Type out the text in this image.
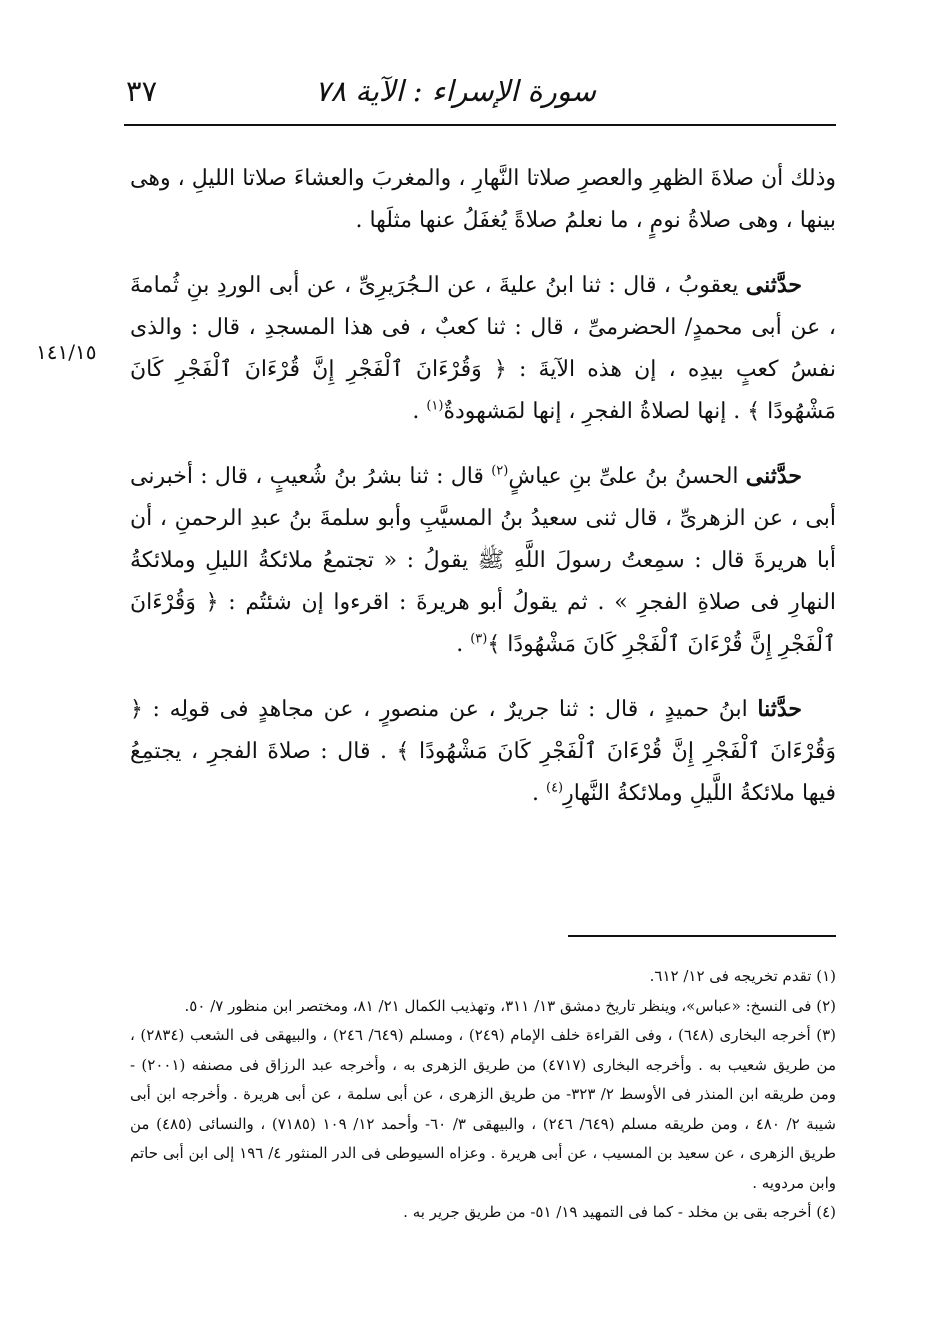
سورة الإسراء : الآية ٧٨
٣٧
١٤١/١٥

وذلك أن صلاةَ الظهرِ والعصرِ صلاتا النَّهارِ ، والمغربَ والعشاءَ صلاتا الليلِ ، وهى بينها ، وهى صلاةُ نومٍ ، ما نعلمُ صلاةً يُغفَلُ عنها مثلَها .

حدَّثنى يعقوبُ ، قال : ثنا ابنُ عليةَ ، عن الـجُرَيرِىِّ ، عن أبى الوردِ بنِ ثُمامةَ ، عن أبى محمدٍ/ الحضرمىِّ ، قال : ثنا كعبٌ ، فى هذا المسجدِ ، قال : والذى نفسُ كعبٍ بيدِه ، إن هذه الآيةَ : ﴿ وَقُرْءَانَ ٱلْفَجْرِ إِنَّ قُرْءَانَ ٱلْفَجْرِ كَانَ مَشْهُودًا ﴾ . إنها لصلاةُ الفجرِ ، إنها لمَشهودةٌ$^{(١)}$ .

حدَّثنى الحسنُ بنُ علىِّ بنِ عياشٍ$^{(٢)}$ قال : ثنا بشرُ بنُ شُعيبٍ ، قال : أخبرنى أبى ، عن الزهرىِّ ، قال ثنى سعيدُ بنُ المسيَّبِ وأبو سلمةَ بنُ عبدِ الرحمنِ ، أن أبا هريرةَ قال : سمِعتُ رسولَ اللَّهِ ﷺ يقولُ : « تجتمعُ ملائكةُ الليلِ وملائكةُ النهارِ فى صلاةِ الفجرِ » . ثم يقولُ أبو هريرةَ : اقرءوا إن شئتُم : ﴿ وَقُرْءَانَ ٱلْفَجْرِ إِنَّ قُرْءَانَ ٱلْفَجْرِ كَانَ مَشْهُودًا ﴾$^{(٣)}$ .

حدَّثنا ابنُ حميدٍ ، قال : ثنا جريرٌ ، عن منصورٍ ، عن مجاهدٍ فى قولِه : ﴿ وَقُرْءَانَ ٱلْفَجْرِ إِنَّ قُرْءَانَ ٱلْفَجْرِ كَانَ مَشْهُودًا ﴾ . قال : صلاةَ الفجرِ ، يجتمِعُ فيها ملائكةُ اللَّيلِ وملائكةُ النَّهارِ$^{(٤)}$ .

(١) تقدم تخريجه فى ١٢/ ٦١٢.

(٢) فى النسخ: «عباس»، وينظر تاريخ دمشق ١٣/ ٣١١، وتهذيب الكمال ٢١/ ٨١، ومختصر ابن منظور ٧/ ٥٠.

(٣) أخرجه البخارى (٦٤٨) ، وفى القراءة خلف الإمام (٢٤٩) ، ومسلم (٦٤٩/ ٢٤٦) ، والبيهقى فى الشعب (٢٨٣٤) ، من طريق شعيب به . وأخرجه البخارى (٤٧١٧) من طريق الزهرى به ، وأخرجه عبد الرزاق فى مصنفه (٢٠٠١) - ومن طريقه ابن المنذر فى الأوسط ٢/ ٣٢٣- من طريق الزهرى ، عن أبى سلمة ، عن أبى هريرة . وأخرجه ابن أبى شيبة ٢/ ٤٨٠ ، ومن طريقه مسلم (٦٤٩/ ٢٤٦) ، والبيهقى ٣/ ٦٠- وأحمد ١٢/ ١٠٩ (٧١٨٥) ، والنسائى (٤٨٥) من طريق الزهرى ، عن سعيد بن المسيب ، عن أبى هريرة . وعزاه السيوطى فى الدر المنثور ٤/ ١٩٦ إلى ابن أبى حاتم وابن مردويه .

(٤) أخرجه بقى بن مخلد - كما فى التمهيد ١٩/ ٥١- من طريق جرير به .
